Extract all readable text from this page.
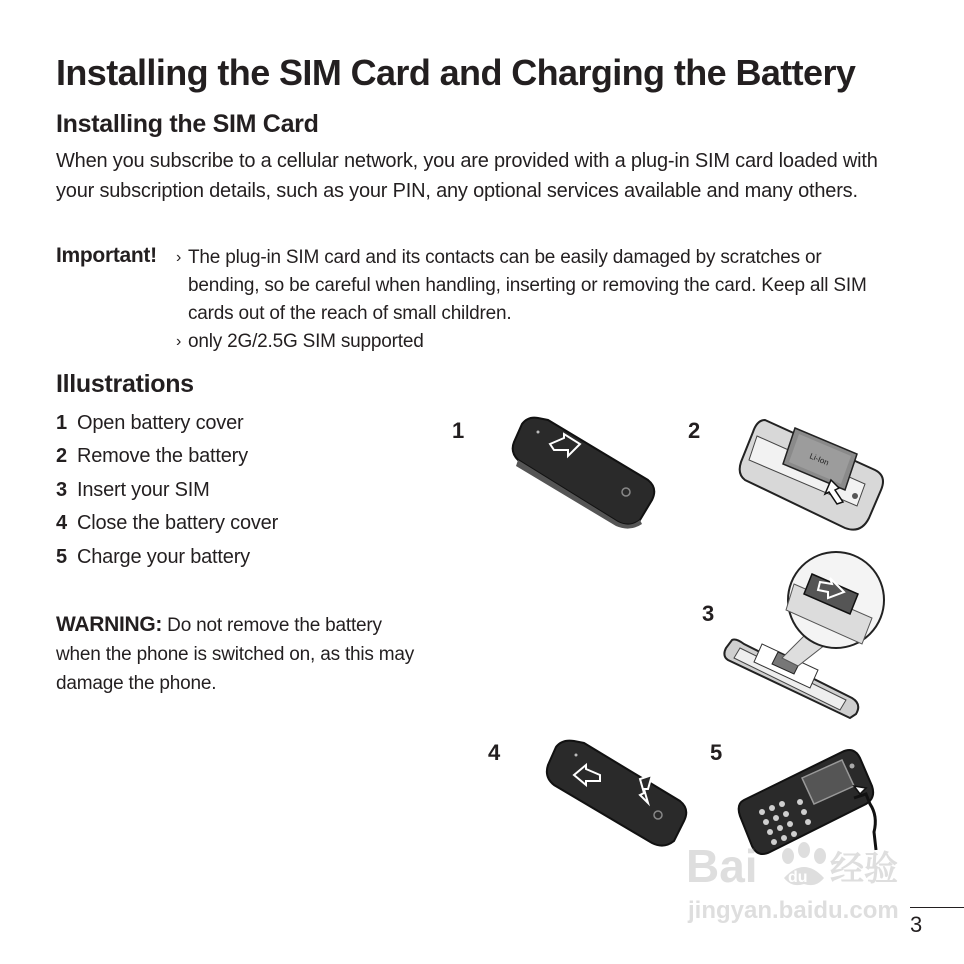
Installing the SIM Card and Charging the Battery
Installing the SIM Card

When you subscribe to a cellular network, you are provided with a plug-in SIM card loaded with your subscription details, such as your PIN, any optional services available and many others.

Important! › The plug-in SIM card and its contacts can be easily damaged by scratches or bending, so be careful when handling, inserting or removing the card. Keep all SIM cards out of the reach of small children.
› only 2G/2.5G SIM supported
Illustrations
1 Open battery cover
2 Remove the battery
3 Insert your SIM
4 Close the battery cover
5 Charge your battery
WARNING: Do not remove the battery when the phone is switched on, as this may damage the phone.
1	2
3
4	5
Li-Ion
Bai du 经验
jingyan.baidu.com
3
